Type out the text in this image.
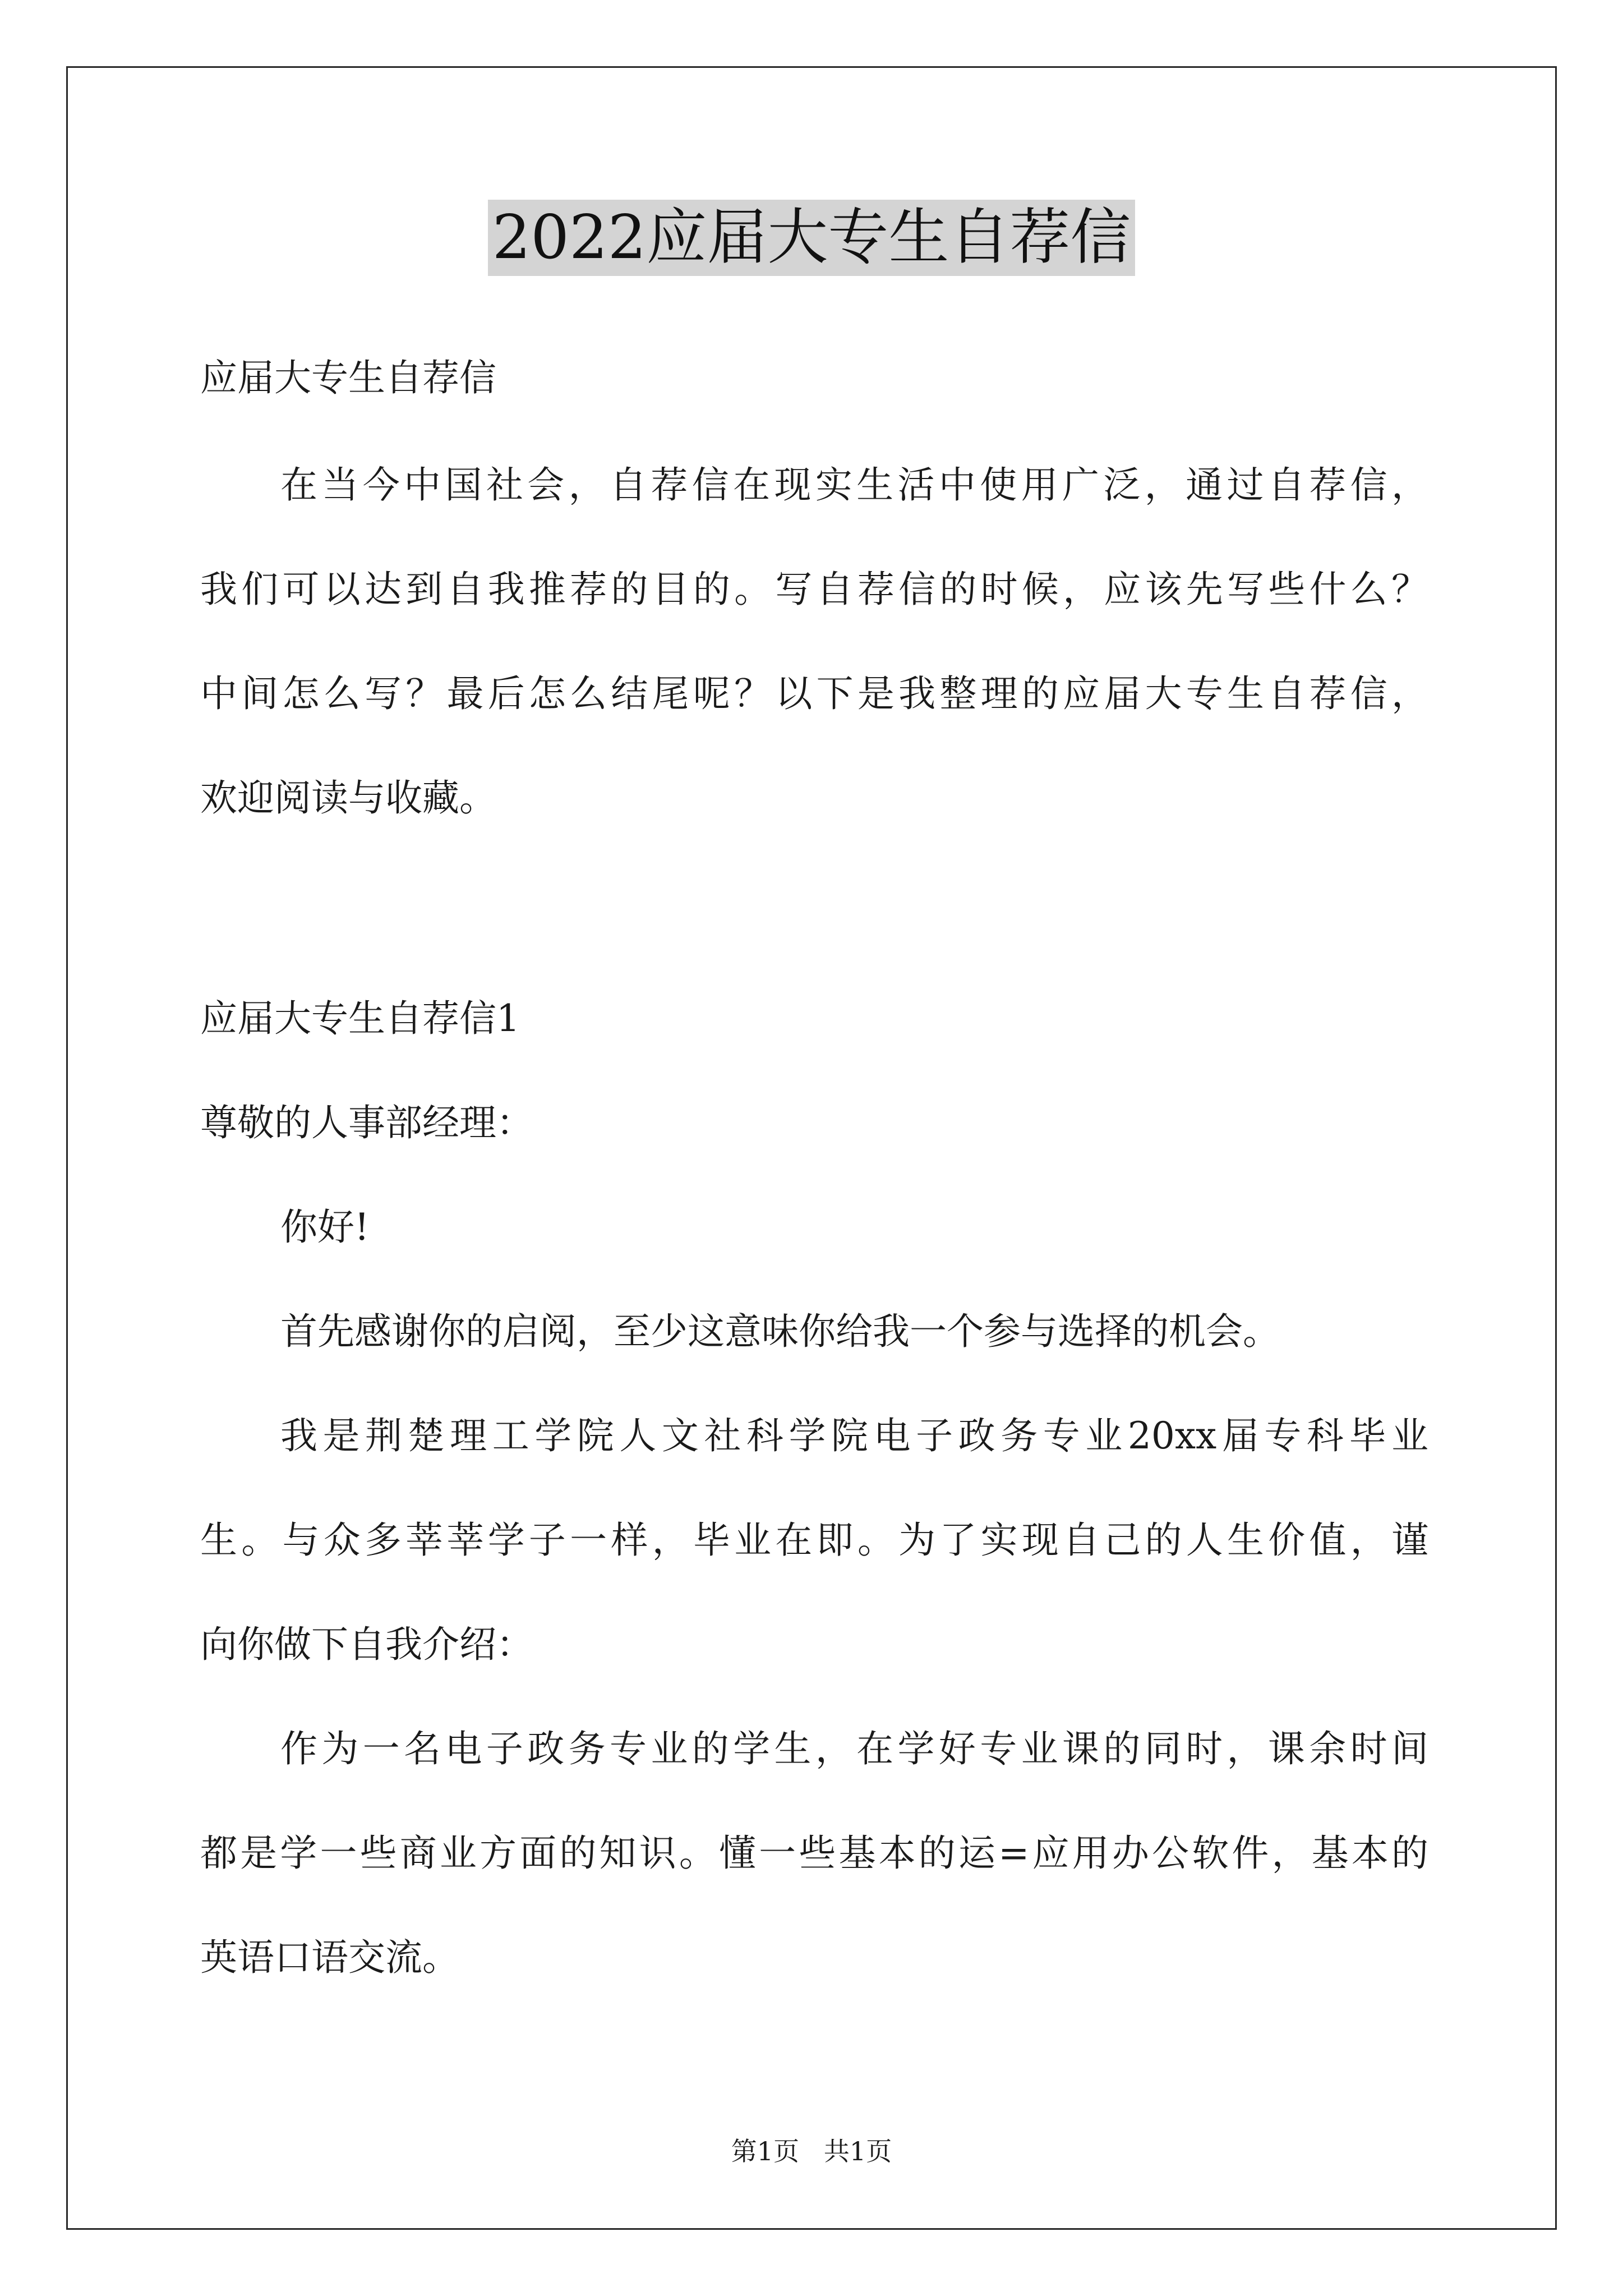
2022应届大专生自荐信
应届大专生自荐信
在当今中国社会，自荐信在现实生活中使用广泛，通过自荐信，
我们可以达到自我推荐的目的。写自荐信的时候，应该先写些什么？
中间怎么写？最后怎么结尾呢？以下是我整理的应届大专生自荐信，
欢迎阅读与收藏。
应届大专生自荐信1
尊敬的人事部经理：
你好!
首先感谢你的启阅，至少这意味你给我一个参与选择的机会。
我是荆楚理工学院人文社科学院电子政务专业20xx届专科毕业
生。与众多莘莘学子一样，毕业在即。为了实现自己的人生价值，谨
向你做下自我介绍：
作为一名电子政务专业的学生，在学好专业课的同时，课余时间
都是学一些商业方面的知识。懂一些基本的运=应用办公软件，基本的
英语口语交流。
第1页   共1页
